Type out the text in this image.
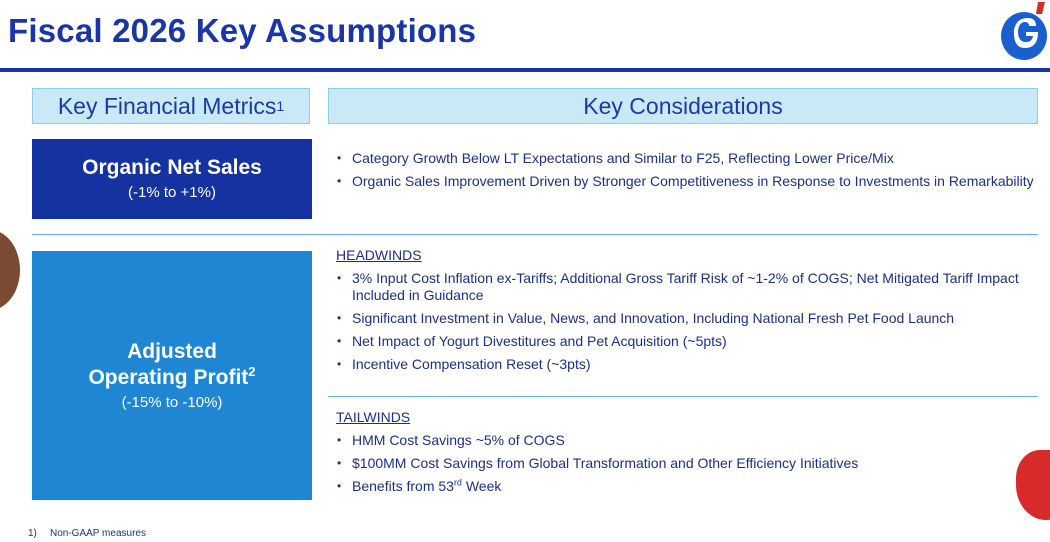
Fiscal 2026 Key Assumptions
Key Financial Metrics 1	Key Considerations
Organic Net Sales
(-1% to +1%)
Adjusted
Operating Profit$^2$
(-15% to -10%)
• Category Growth Below LT Expectations and Similar to F25, Reflecting Lower Price/Mix
• Organic Sales Improvement Driven by Stronger Competitiveness in Response to Investments in Remarkability
HEADWINDS
• 3% Input Cost Inflation ex-Tariffs; Additional Gross Tariff Risk of ~1-2% of COGS; Net Mitigated Tariff Impact Included in Guidance
• Significant Investment in Value, News, and Innovation, Including National Fresh Pet Food Launch
• Net Impact of Yogurt Divestitures and Pet Acquisition (~5pts)
• Incentive Compensation Reset (~3pts)
TAILWINDS
• HMM Cost Savings ~5% of COGS
• $100MM Cost Savings from Global Transformation and Other Efficiency Initiatives
• Benefits from 53rd Week
1) Non-GAAP measures
